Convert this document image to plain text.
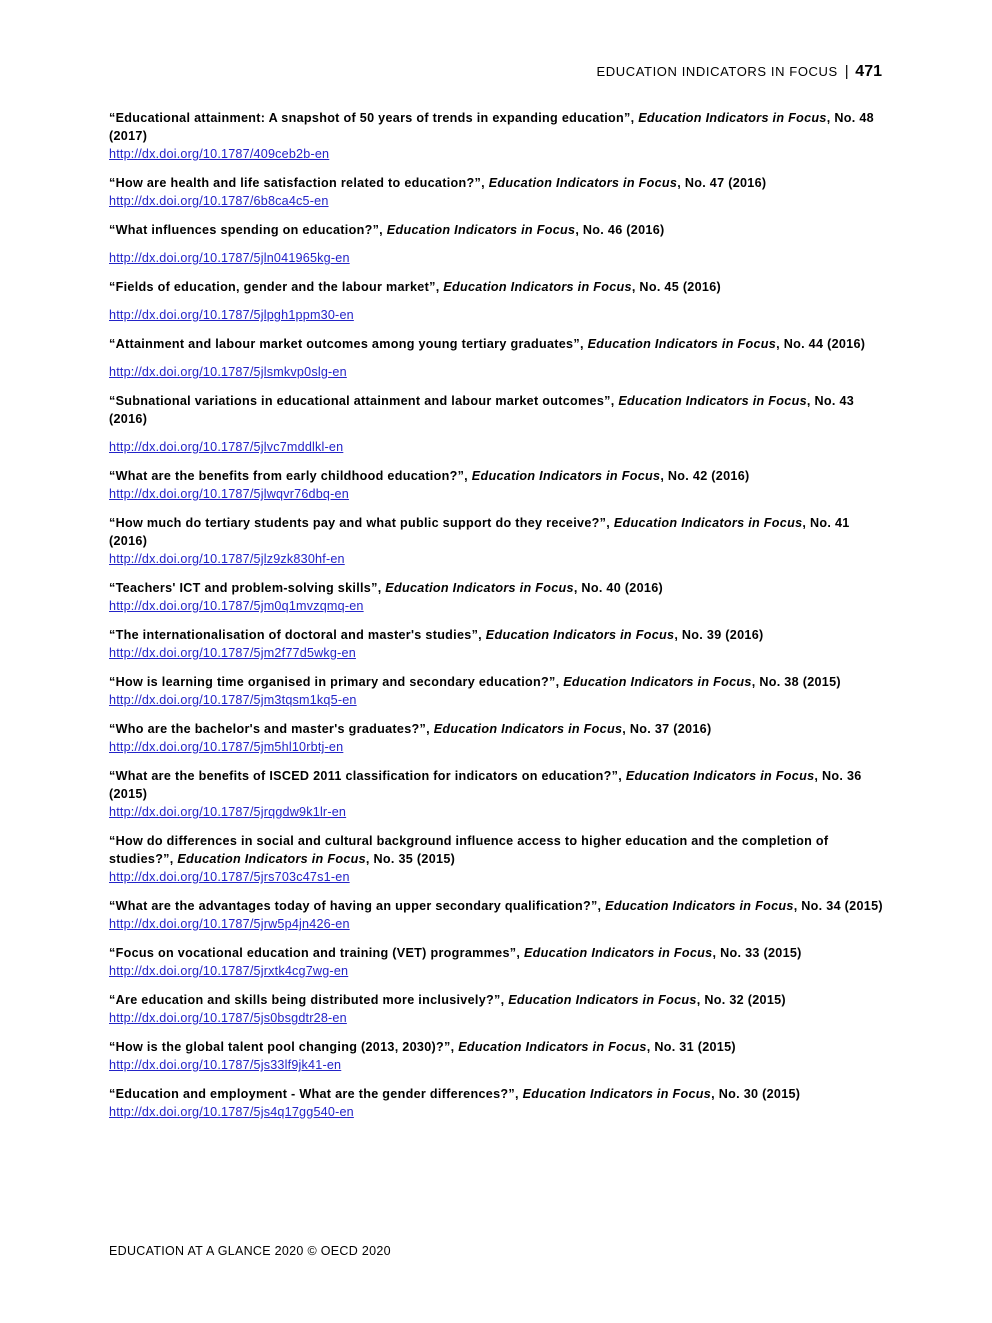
EDUCATION INDICATORS IN FOCUS | 471

“Educational attainment: A snapshot of 50 years of trends in expanding education”, Education Indicators in Focus, No. 48 (2017)

http://dx.doi.org/10.1787/409ceb2b-en

“How are health and life satisfaction related to education?”, Education Indicators in Focus, No. 47 (2016)

http://dx.doi.org/10.1787/6b8ca4c5-en

“What influences spending on education?”, Education Indicators in Focus, No. 46 (2016)

http://dx.doi.org/10.1787/5jln041965kg-en

“Fields of education, gender and the labour market”, Education Indicators in Focus, No. 45 (2016)

http://dx.doi.org/10.1787/5jlpgh1ppm30-en

“Attainment and labour market outcomes among young tertiary graduates”, Education Indicators in Focus, No. 44 (2016)

http://dx.doi.org/10.1787/5jlsmkvp0slg-en

“Subnational variations in educational attainment and labour market outcomes”, Education Indicators in Focus, No. 43 (2016)

http://dx.doi.org/10.1787/5jlvc7mddlkl-en

“What are the benefits from early childhood education?”, Education Indicators in Focus, No. 42 (2016)

http://dx.doi.org/10.1787/5jlwqvr76dbq-en

“How much do tertiary students pay and what public support do they receive?”, Education Indicators in Focus, No. 41 (2016)

http://dx.doi.org/10.1787/5jlz9zk830hf-en

“Teachers' ICT and problem-solving skills”, Education Indicators in Focus, No. 40 (2016)

http://dx.doi.org/10.1787/5jm0q1mvzqmq-en

“The internationalisation of doctoral and master's studies”, Education Indicators in Focus, No. 39 (2016)

http://dx.doi.org/10.1787/5jm2f77d5wkg-en

“How is learning time organised in primary and secondary education?”, Education Indicators in Focus, No. 38 (2015)

http://dx.doi.org/10.1787/5jm3tqsm1kq5-en

“Who are the bachelor's and master's graduates?”, Education Indicators in Focus, No. 37 (2016)

http://dx.doi.org/10.1787/5jm5hl10rbtj-en

“What are the benefits of ISCED 2011 classification for indicators on education?”, Education Indicators in Focus, No. 36 (2015)

http://dx.doi.org/10.1787/5jrqgdw9k1lr-en

“How do differences in social and cultural background influence access to higher education and the completion of studies?”, Education Indicators in Focus, No. 35 (2015)

http://dx.doi.org/10.1787/5jrs703c47s1-en

“What are the advantages today of having an upper secondary qualification?”, Education Indicators in Focus, No. 34 (2015)

http://dx.doi.org/10.1787/5jrw5p4jn426-en

“Focus on vocational education and training (VET) programmes”, Education Indicators in Focus, No. 33 (2015)

http://dx.doi.org/10.1787/5jrxtk4cg7wg-en

“Are education and skills being distributed more inclusively?”, Education Indicators in Focus, No. 32 (2015)

http://dx.doi.org/10.1787/5js0bsgdtr28-en

“How is the global talent pool changing (2013, 2030)?”, Education Indicators in Focus, No. 31 (2015)

http://dx.doi.org/10.1787/5js33lf9jk41-en

“Education and employment - What are the gender differences?”, Education Indicators in Focus, No. 30 (2015)

http://dx.doi.org/10.1787/5js4q17gg540-en
EDUCATION AT A GLANCE 2020 © OECD 2020
